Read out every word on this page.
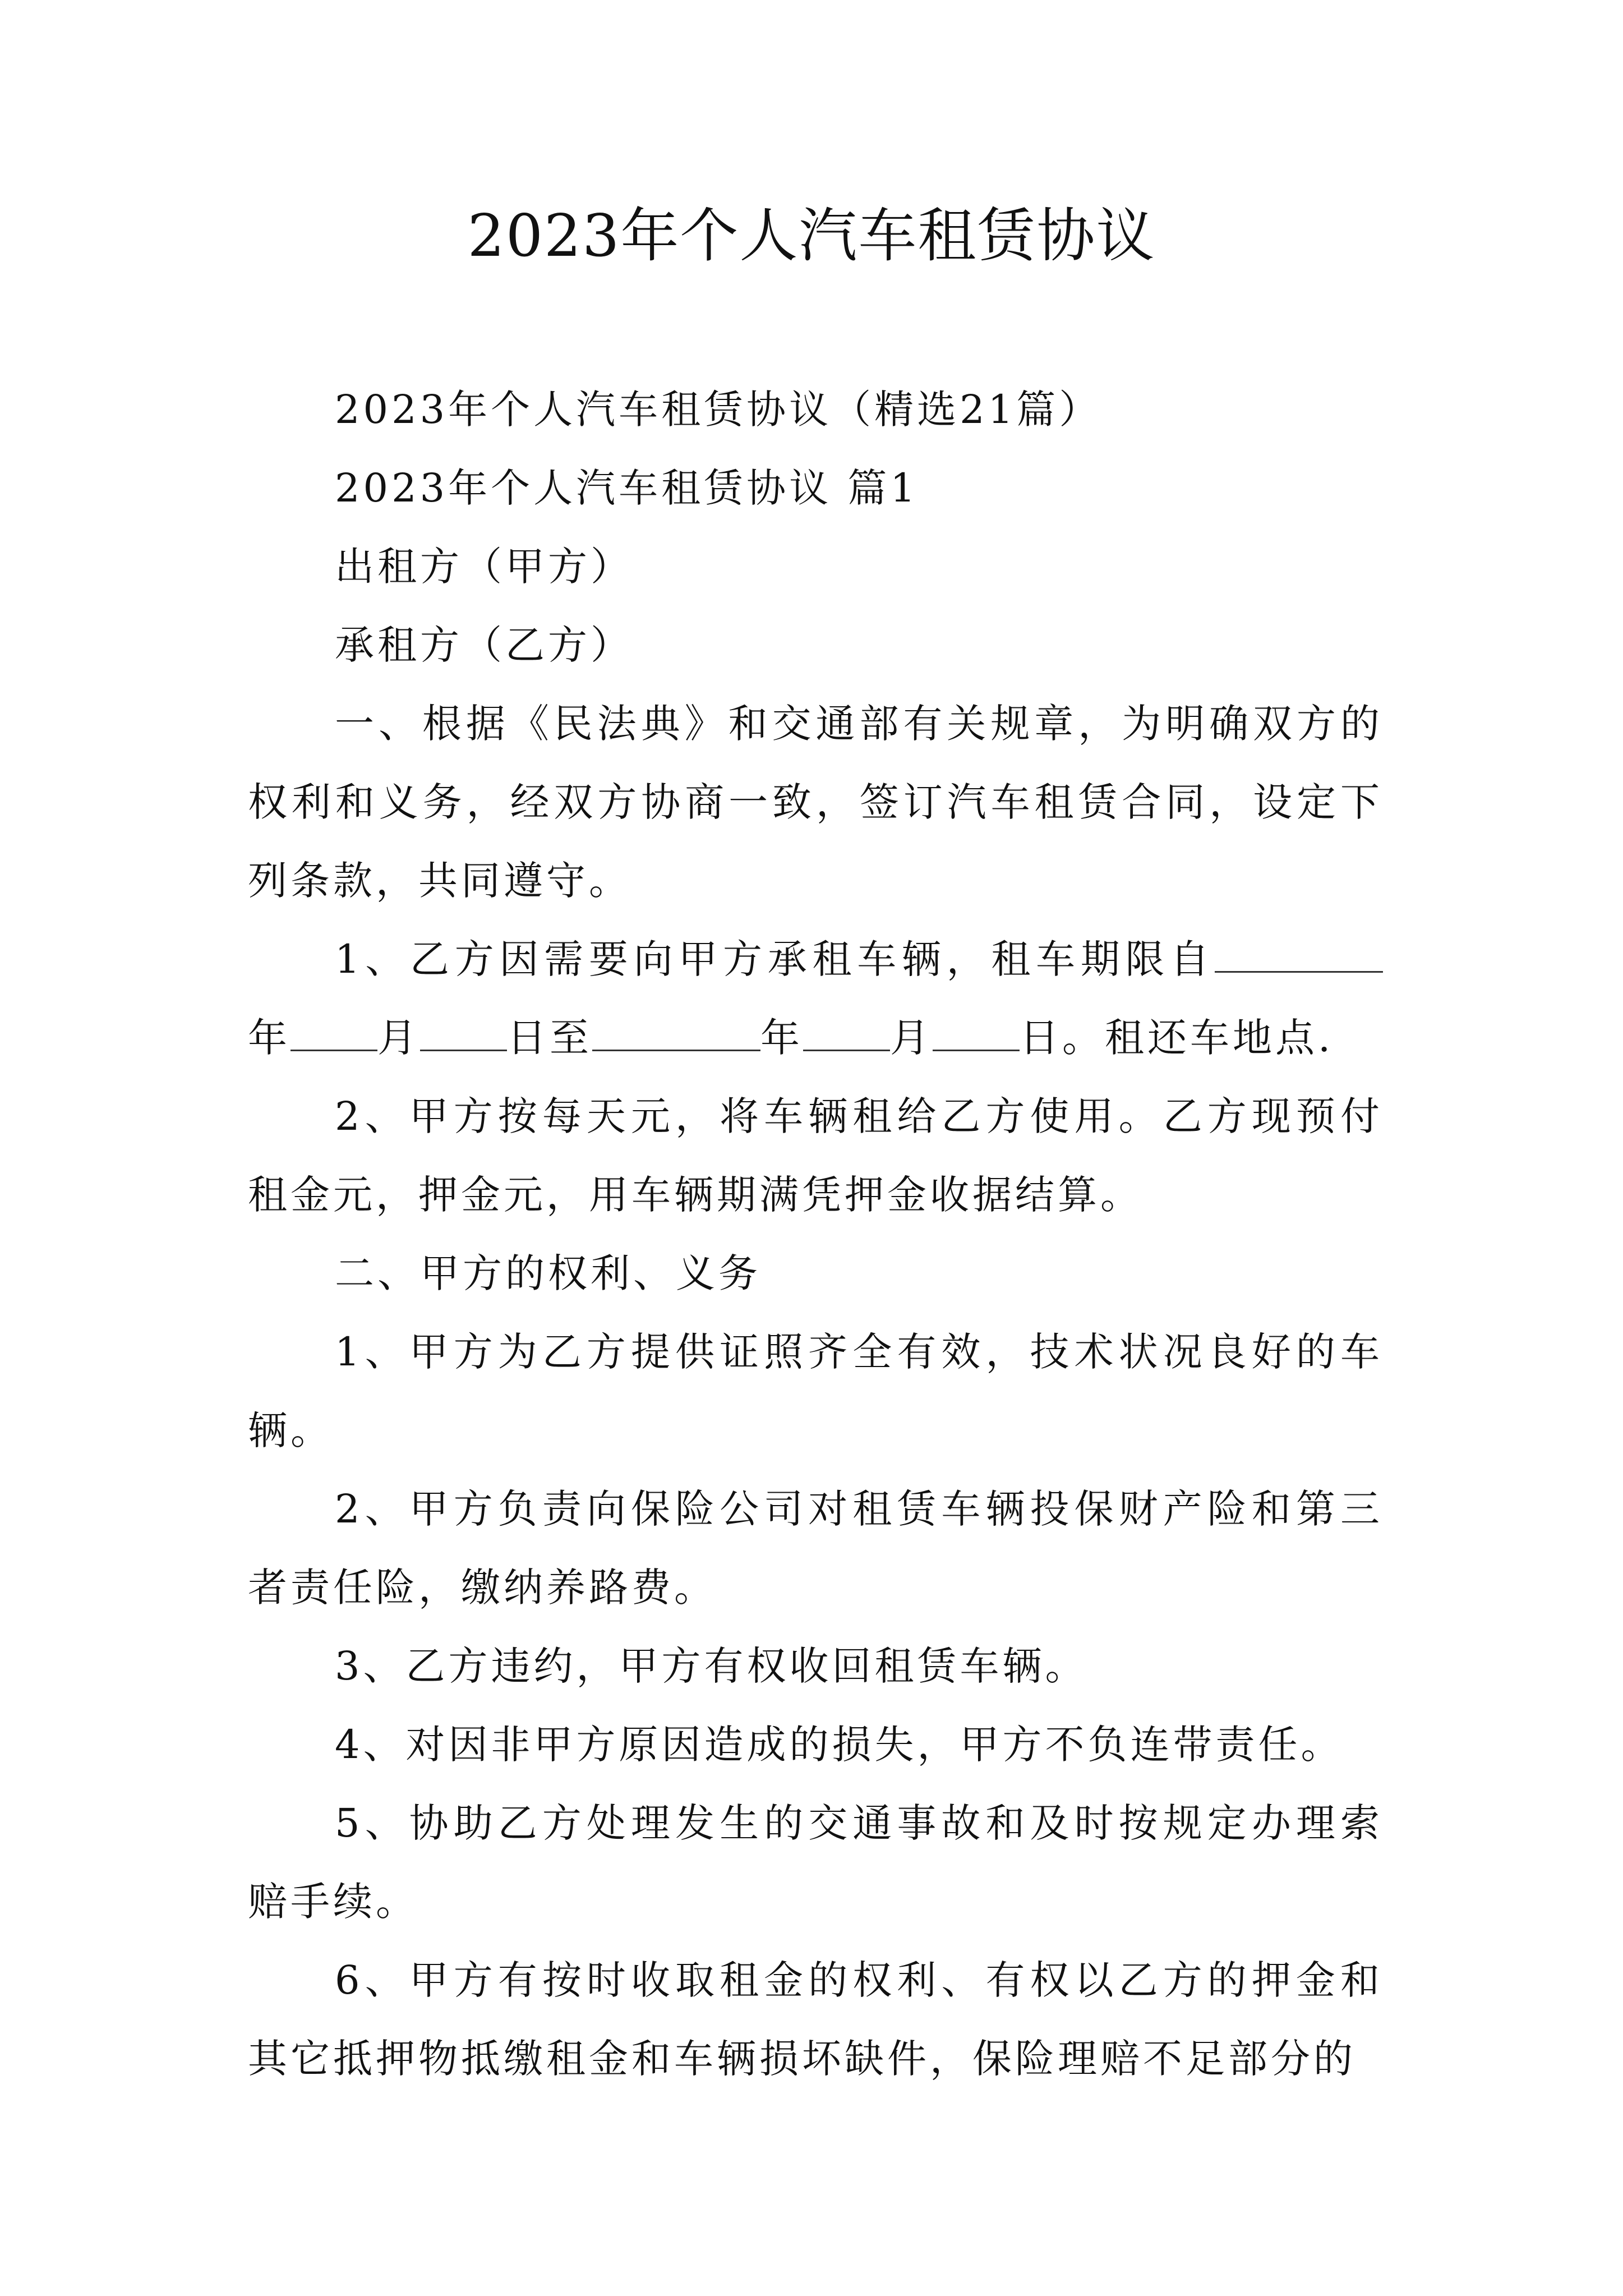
2023年个人汽车租赁协议

2023年个人汽车租赁协议（精选21篇）

2023年个人汽车租赁协议 篇1

出租方（甲方）

承租方（乙方）

一、根据《民法典》和交通部有关规章，为明确双方的权利和义务，经双方协商一致，签订汽车租赁合同，设定下列条款，共同遵守。

1、乙方因需要向甲方承租车辆，租车期限自年 月 日至	年 月 日。租还车地点.

2、甲方按每天元，将车辆租给乙方使用。乙方现预付租金元，押金元，用车辆期满凭押金收据结算。

二、甲方的权利、义务

1、甲方为乙方提供证照齐全有效，技术状况良好的车辆。

2、甲方负责向保险公司对租赁车辆投保财产险和第三者责任险，缴纳养路费。

3、乙方违约，甲方有权收回租赁车辆。

4、对因非甲方原因造成的损失，甲方不负连带责任。

5、协助乙方处理发生的交通事故和及时按规定办理索赔手续。

6、甲方有按时收取租金的权利、有权以乙方的押金和其它抵押物抵缴租金和车辆损坏缺件，保险理赔不足部分的
